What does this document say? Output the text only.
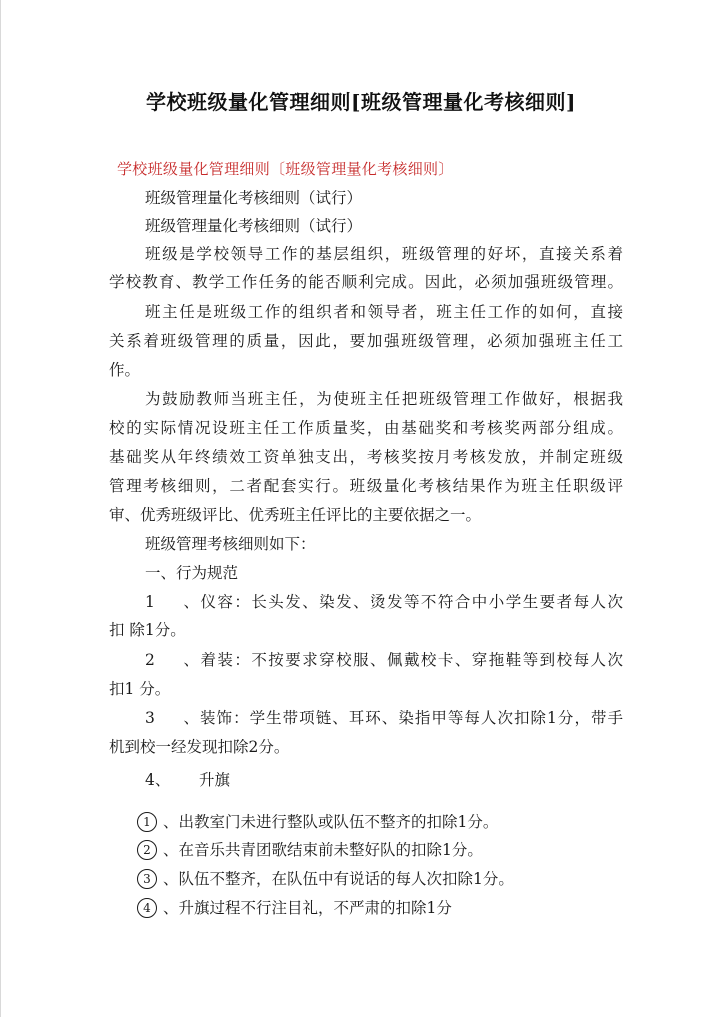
学校班级量化管理细则[班级管理量化考核细则]
学校班级量化管理细则〔班级管理量化考核细则〕
班级管理量化考核细则（试行）
班级管理量化考核细则（试行）
班级是学校领导工作的基层组织，班级管理的好坏，直接关系着
学校教育、教学工作任务的能否顺利完成。因此，必须加强班级管理。
班主任是班级工作的组织者和领导者，班主任工作的如何，直接
关系着班级管理的质量，因此，要加强班级管理，必须加强班主任工
作。
为鼓励教师当班主任，为使班主任把班级管理工作做好，根据我
校的实际情况设班主任工作质量奖，由基础奖和考核奖两部分组成。
基础奖从年终绩效工资单独支出，考核奖按月考核发放，并制定班级
管理考核细则，二者配套实行。班级量化考核结果作为班主任职级评
审、优秀班级评比、优秀班主任评比的主要依据之一。
班级管理考核细则如下：
一、行为规范
1、仪容：长头发、染发、烫发等不符合中小学生要者每人次
扣 除1分。
2、着装：不按要求穿校服、佩戴校卡、穿拖鞋等到校每人次
扣1 分。
3、装饰：学生带项链、耳环、染指甲等每人次扣除1分，带手
机到校一经发现扣除2分。
4、 升旗
1 、出教室门未进行整队或队伍不整齐的扣除1分。
2 、在音乐共青团歌结束前未整好队的扣除1分。
3 、队伍不整齐，在队伍中有说话的每人次扣除1分。
4 、升旗过程不行注目礼，不严肃的扣除1分
